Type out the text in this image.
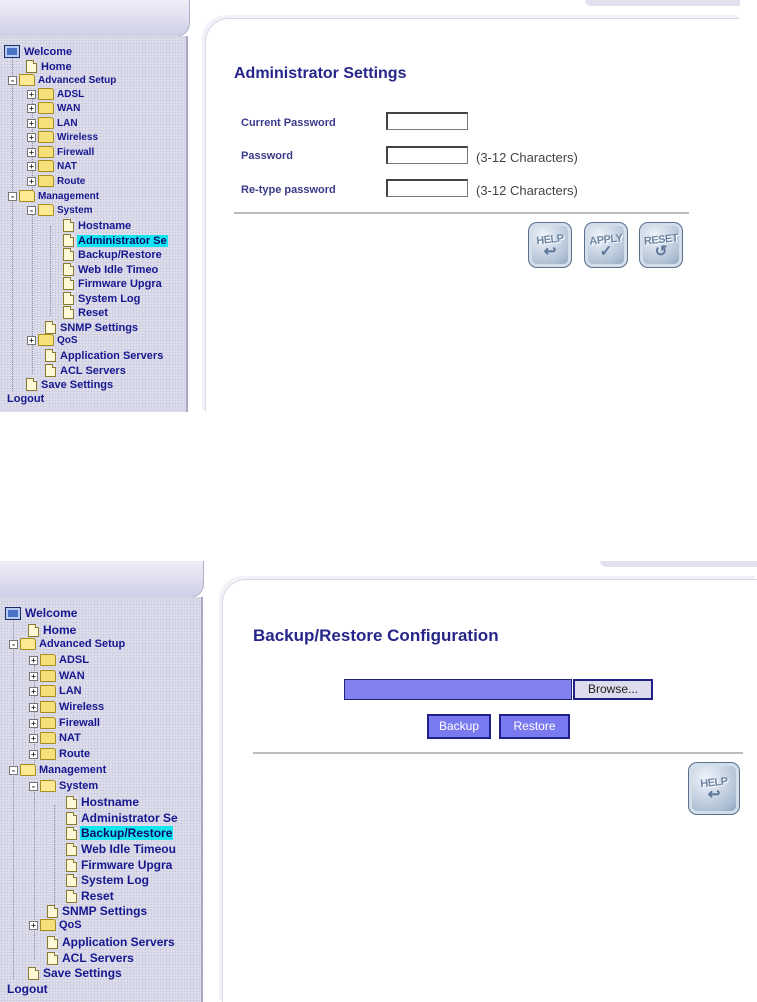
Welcome
Home
- Advanced Setup
+ ADSL
+ WAN
+ LAN
+ Wireless
+ Firewall
+ NAT
+ Route
- Management
- System
Hostname
Administrator Se
Backup/Restore
Web Idle Timeo
Firmware Upgra
System Log
Reset
SNMP Settings
+ QoS
Application Servers
ACL Servers
Save Settings
Logout
Administrator Settings
Current Password
Password	(3-12 Characters)
Re-type password	(3-12 Characters)
HELP
↩
APPLY
✓
RESET
↺
Welcome
Home
- Advanced Setup
+ ADSL
+ WAN
+ LAN
+ Wireless
+ Firewall
+ NAT
+ Route
- Management
- System
Hostname
Administrator Se
Backup/Restore
Web Idle Timeou
Firmware Upgra
System Log
Reset
SNMP Settings
+ QoS
Application Servers
ACL Servers
Save Settings
Logout
Backup/Restore Configuration
Browse...
Backup	Restore
HELP
↩
